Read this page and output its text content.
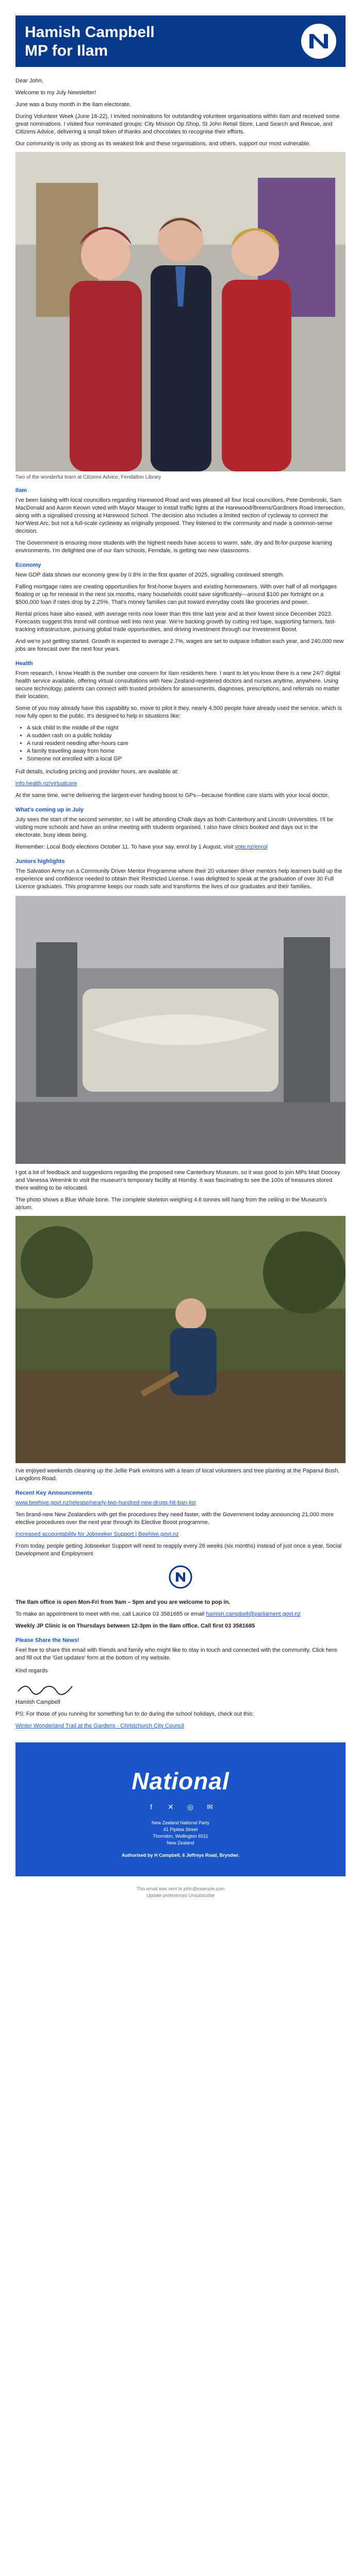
Hamish Campbell
MP for Ilam

Dear John,

Welcome to my July Newsletter!

June was a busy month in the Ilam electorate.

During Volunteer Week (June 16-22), I invited nominations for outstanding volunteer organisations within Ilam and received some great nominations. I visited four nominated groups: City Mission Op Shop, St John Retail Store, Land Search and Rescue, and Citizens Advice, delivering a small token of thanks and chocolates to recognise their efforts.

Our community is only as strong as its weakest link and these organisations, and others, support our most vulnerable.

Two of the wonderful team at Citizens Advice, Fendalton Library
Ilam

I've been liaising with local councillors regarding Harewood Road and was pleased all four local councillors, Pete Dombroski, Sam MacDonald and Aaron Keown voted with Mayor Mauger to install traffic lights at the Harewood/Breens/Gardiners Road intersection, along with a signalised crossing at Harewood School. The decision also includes a limited section of cycleway to connect the Nor'West Arc, but not a full-scale cycleway as originally proposed. They listened to the community and made a common-sense decision.

The Government is ensuring more students with the highest needs have access to warm, safe, dry and fit-for-purpose learning environments. I'm delighted one of our Ilam schools, Ferndale, is getting two new classrooms.

Economy

New GDP data shows our economy grew by 0.8% in the first quarter of 2025, signalling continued strength.

Falling mortgage rates are creating opportunities for first-home buyers and existing homeowners. With over half of all mortgages floating or up for renewal in the next six months, many households could save significantly—around $100 per fortnight on a $500,000 loan if rates drop by 2.25%. That's money families can put toward everyday costs like groceries and power.

Rental prices have also eased, with average rents now lower than this time last year and at their lowest since December 2023. Forecasts suggest this trend will continue well into next year. We're backing growth by cutting red tape, supporting farmers, fast-tracking infrastructure, pursuing global trade opportunities, and driving investment through our Investment Boost.

And we're just getting started. Growth is expected to average 2.7%, wages are set to outpace inflation each year, and 240,000 new jobs are forecast over the next four years.

Health

From research, I know Health is the number one concern for Ilam residents here. I want to let you know there is a new 24/7 digital health service available, offering virtual consultations with New Zealand-registered doctors and nurses anytime, anywhere. Using secure technology, patients can connect with trusted providers for assessments, diagnoses, prescriptions, and referrals no matter their location.

Some of you may already have this capability so, move to pilot it they, nearly 4,500 people have already used the service, which is now fully open to the public. It's designed to help in situations like:

• A sick child in the middle of the night
• A sudden rash on a public holiday
• A rural resident needing after-hours care
• A family travelling away from home
• Someone not enrolled with a local GP

Full details, including pricing and provider hours, are available at:

info.health.nz/virtualcare

At the same time, we're delivering the largest-ever funding boost to GPs—because frontline care starts with your local doctor.

What's coming up in July

July sees the start of the second semester, so I will be attending Chalk days as both Canterbury and Lincoln Universities. I'll be visiting more schools and have an online meeting with students organised. I also have clinics booked and days out in the electorate, busy ideas being.

Remember: Local Body elections October 11. To have your say, enrol by 1 August, visit vote.nz/enrol

Juniors highlights

The Salvation Army run a Community Driver Mentor Programme where their 20 volunteer driver mentors help learners build up the experience and confidence needed to obtain their Restricted License. I was delighted to speak at the graduation of over 30 Full Licence graduates. This programme keeps our roads safe and transforms the lives of our graduates and their families.

I got a lot of feedback and suggestions regarding the proposed new Canterbury Museum, so it was good to join MPs Matt Doocey and Vanessa Weenink to visit the museum's temporary facility at Hornby. It was fascinating to see the 100s of treasures stored there waiting to be relocated.

The photo shows a Blue Whale bone. The complete skeleton weighing 4.6 tonnes will hang from the ceiling in the Museum's atrium.

I've enjoyed weekends cleaning up the Jellie Park environs with a team of local volunteers and tree planting at the Papanui Bush, Langdons Road.

Recent Key Announcements

www.beehive.govt.nz/release/nearly-two-hundred-new-drugs-hit-ban-list

Ten brand-new New Zealanders with get the procedures they need faster, with the Government today announcing 21,000 more elective procedures over the next year through its Elective Boost programme.

Increased accountability for Jobseeker Support | Beehive.govt.nz

From today, people getting Jobseeker Support will need to reapply every 26 weeks (six months) instead of just once a year, Social Development and Employment

The Ilam office is open Mon-Fri from 9am – 5pm and you are welcome to pop in.

To make an appointment to meet with me, call Laurice 03 3581685 or email hamish.campbell@parliament.govt.nz

Weekly JP Clinic is on Thursdays between 12-3pm in the Ilam office. Call first 03 3581685

Please Share the News!

Feel free to share this email with friends and family who might like to stay in touch and connected with the community. Click here and fill out the 'Get updates' form at the bottom of my website.

Kind regards

Hamish Campbell

PS: For those of you running for something fun to do during the school holidays, check out this:

Winter Wonderland Trail at the Gardens - Christchurch City Council

National
f ✕ ◎ ✉
New Zealand National Party
41 Pipitea Street
Thorndon, Wellington 6011
New Zealand
Authorised by H Campbell, 6 Jeffreys Road, Bryndwr.
This email was sent to john@example.com
Update preferences Unsubscribe
